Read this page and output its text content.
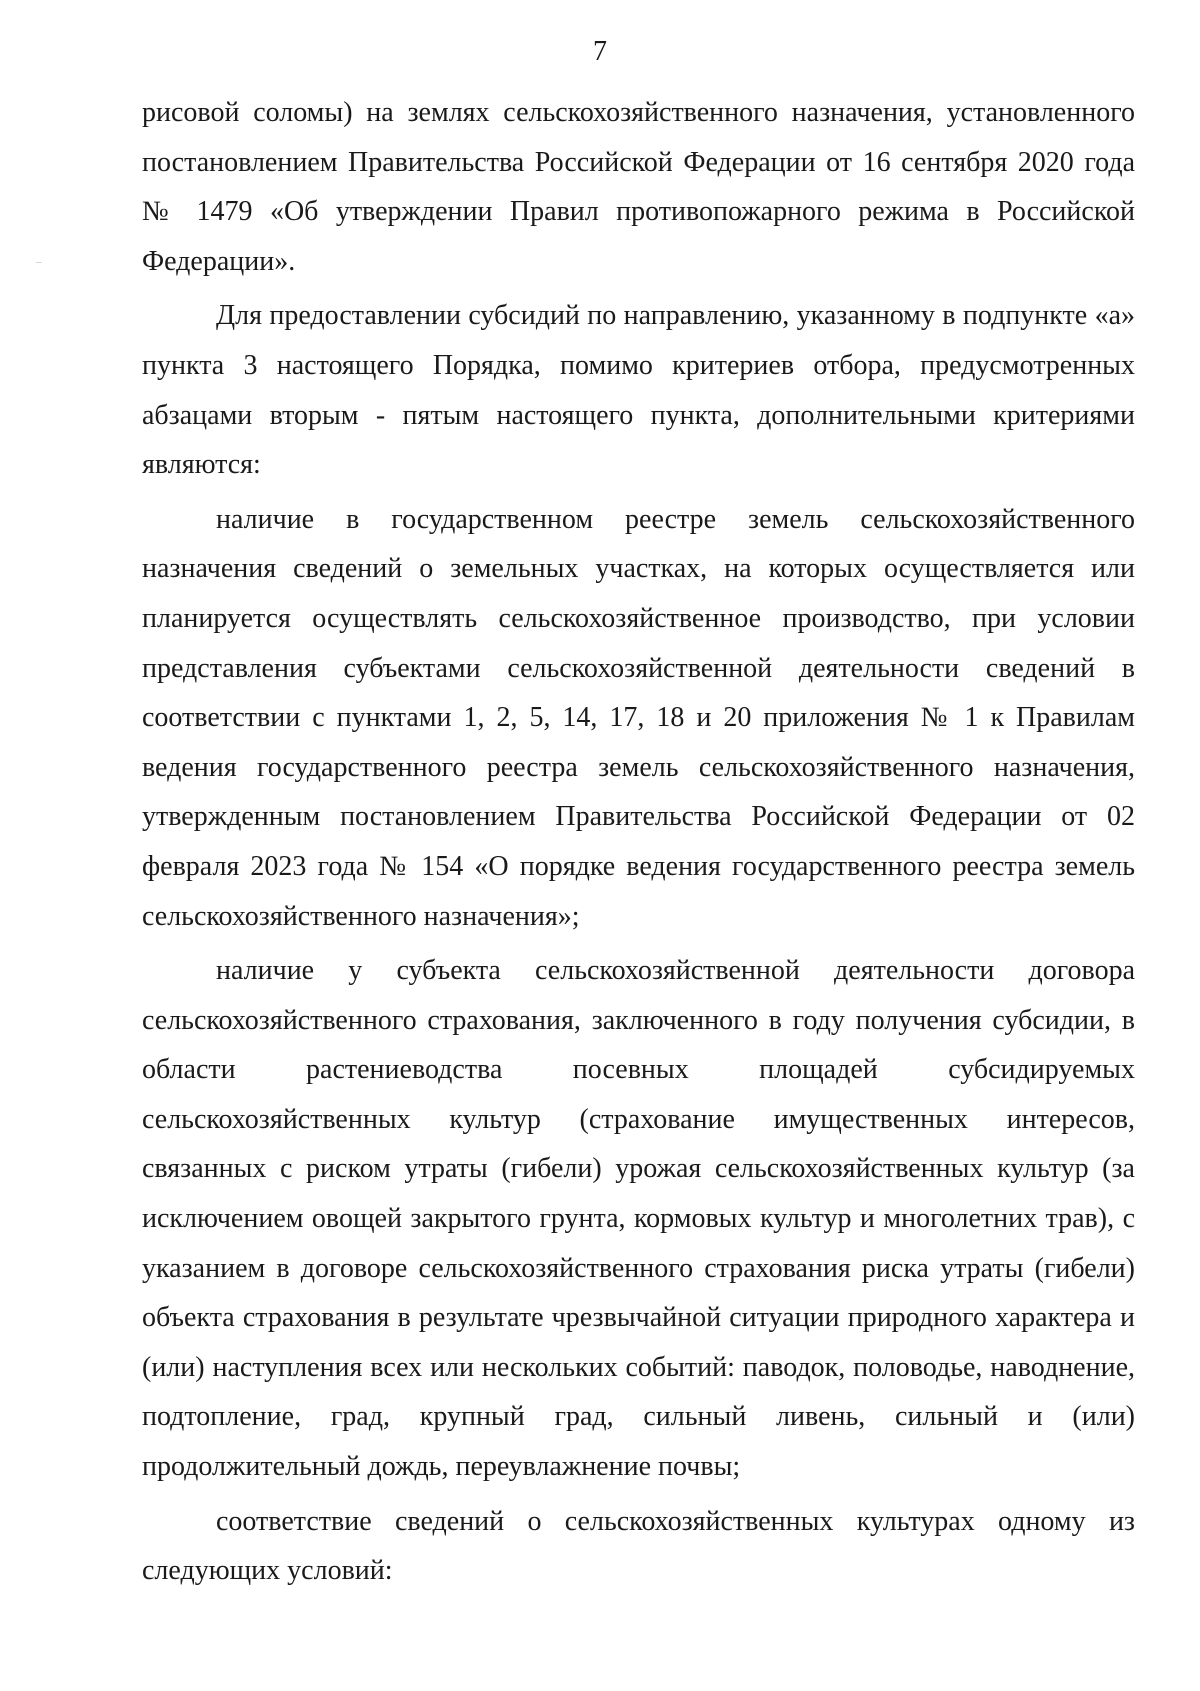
7

рисовой соломы) на землях сельскохозяйственного назначения, установленного постановлением Правительства Российской Федерации от 16 сентября 2020 года № 1479 «Об утверждении Правил противопожарного режима в Российской Федерации».

Для предоставлении субсидий по направлению, указанному в подпункте «а» пункта 3 настоящего Порядка, помимо критериев отбора, предусмотренных абзацами вторым - пятым настоящего пункта, дополнительными критериями являются:

наличие в государственном реестре земель сельскохозяйственного назначения сведений о земельных участках, на которых осуществляется или планируется осуществлять сельскохозяйственное производство, при условии представления субъектами сельскохозяйственной деятельности сведений в соответствии с пунктами 1, 2, 5, 14, 17, 18 и 20 приложения № 1 к Правилам ведения государственного реестра земель сельскохозяйственного назначения, утвержденным постановлением Правительства Российской Федерации от 02 февраля 2023 года № 154 «О порядке ведения государственного реестра земель сельскохозяйственного назначения»;

наличие у субъекта сельскохозяйственной деятельности договора сельскохозяйственного страхования, заключенного в году получения субсидии, в области растениеводства посевных площадей субсидируемых сельскохозяйственных культур (страхование имущественных интересов, связанных с риском утраты (гибели) урожая сельскохозяйственных культур (за исключением овощей закрытого грунта, кормовых культур и многолетних трав), с указанием в договоре сельскохозяйственного страхования риска утраты (гибели) объекта страхования в результате чрезвычайной ситуации природного характера и (или) наступления всех или нескольких событий: паводок, половодье, наводнение, подтопление, град, крупный град, сильный ливень, сильный и (или) продолжительный дождь, переувлажнение почвы;

соответствие сведений о сельскохозяйственных культурах одному из следующих условий:
